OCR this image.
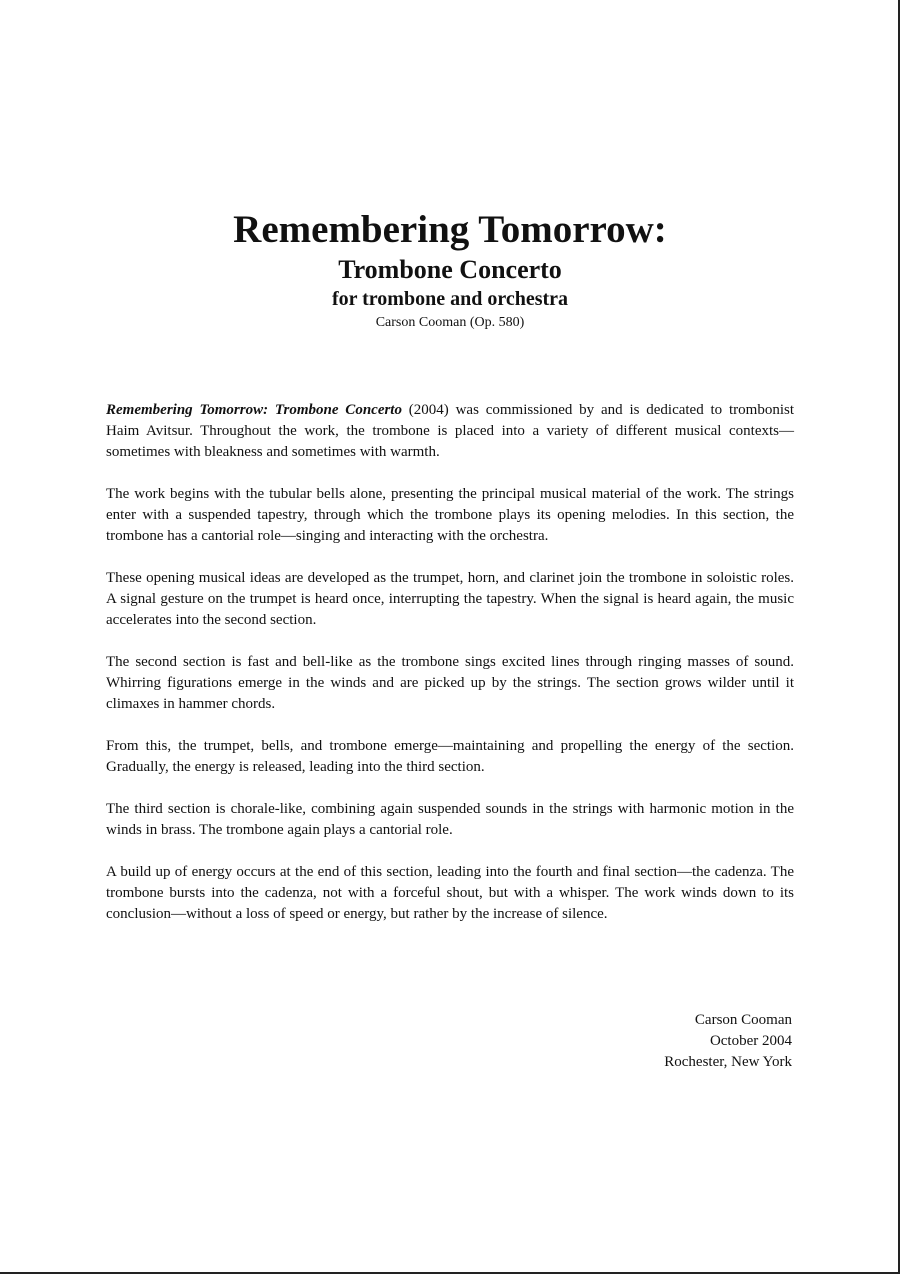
Remembering Tomorrow:
Trombone Concerto
for trombone and orchestra
Carson Cooman (Op. 580)

Remembering Tomorrow: Trombone Concerto (2004) was commissioned by and is dedicated to trombonist Haim Avitsur. Throughout the work, the trombone is placed into a variety of different musical contexts—sometimes with bleakness and sometimes with warmth.

The work begins with the tubular bells alone, presenting the principal musical material of the work. The strings enter with a suspended tapestry, through which the trombone plays its opening melodies. In this section, the trombone has a cantorial role—singing and interacting with the orchestra.

These opening musical ideas are developed as the trumpet, horn, and clarinet join the trombone in soloistic roles. A signal gesture on the trumpet is heard once, interrupting the tapestry. When the signal is heard again, the music accelerates into the second section.

The second section is fast and bell-like as the trombone sings excited lines through ringing masses of sound. Whirring figurations emerge in the winds and are picked up by the strings. The section grows wilder until it climaxes in hammer chords.

From this, the trumpet, bells, and trombone emerge—maintaining and propelling the energy of the section. Gradually, the energy is released, leading into the third section.

The third section is chorale-like, combining again suspended sounds in the strings with harmonic motion in the winds in brass. The trombone again plays a cantorial role.

A build up of energy occurs at the end of this section, leading into the fourth and final section—the cadenza. The trombone bursts into the cadenza, not with a forceful shout, but with a whisper. The work winds down to its conclusion—without a loss of speed or energy, but rather by the increase of silence.

Carson Cooman
October 2004
Rochester, New York
